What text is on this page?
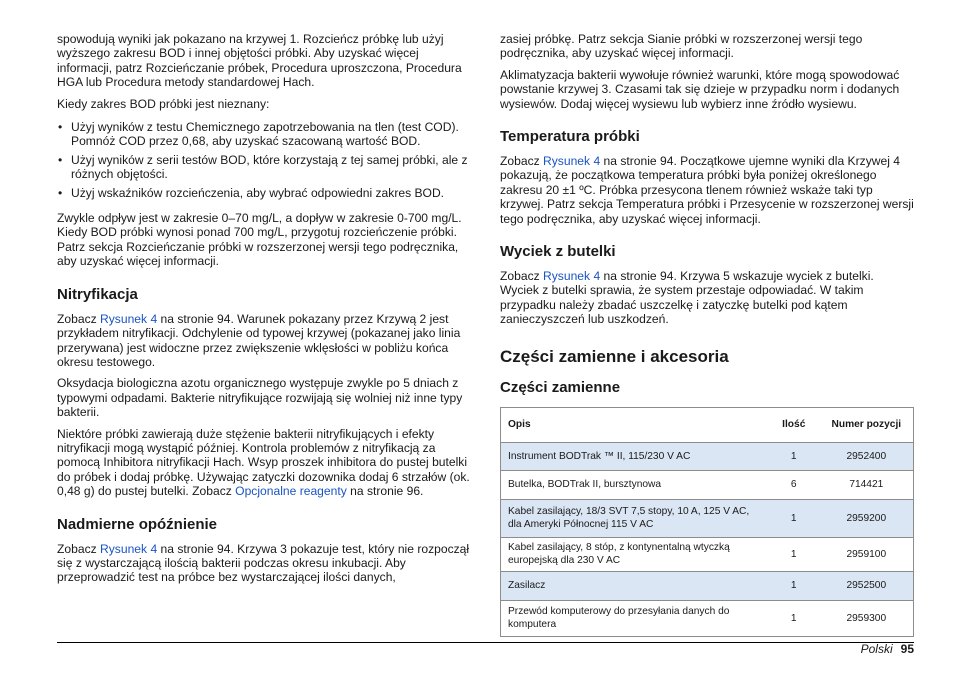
spowodują wyniki jak pokazano na krzywej 1. Rozcieńcz próbkę lub użyj wyższego zakresu BOD i innej objętości próbki. Aby uzyskać więcej informacji, patrz Rozcieńczanie próbek, Procedura uproszczona, Procedura HGA lub Procedura metody standardowej Hach.

Kiedy zakres BOD próbki jest nieznany:

• Użyj wyników z testu Chemicznego zapotrzebowania na tlen (test COD). Pomnóż COD przez 0,68, aby uzyskać szacowaną wartość BOD.
• Użyj wyników z serii testów BOD, które korzystają z tej samej próbki, ale z różnych objętości.
• Użyj wskaźników rozcieńczenia, aby wybrać odpowiedni zakres BOD.

Zwykle odpływ jest w zakresie 0–70 mg/L, a dopływ w zakresie 0-700 mg/L. Kiedy BOD próbki wynosi ponad 700 mg/L, przygotuj rozcieńczenie próbki. Patrz sekcja Rozcieńczanie próbki w rozszerzonej wersji tego podręcznika, aby uzyskać więcej informacji.

Nitryfikacja

Zobacz Rysunek 4 na stronie 94. Warunek pokazany przez Krzywą 2 jest przykładem nitryfikacji. Odchylenie od typowej krzywej (pokazanej jako linia przerywana) jest widoczne przez zwiększenie wklęsłości w pobliżu końca okresu testowego.

Oksydacja biologiczna azotu organicznego występuje zwykle po 5 dniach z typowymi odpadami. Bakterie nitryfikujące rozwijają się wolniej niż inne typy bakterii.

Niektóre próbki zawierają duże stężenie bakterii nitryfikujących i efekty nitryfikacji mogą wystąpić później. Kontrola problemów z nitryfikacją za pomocą Inhibitora nitryfikacji Hach. Wsyp proszek inhibitora do pustej butelki do próbek i dodaj próbkę. Używając zatyczki dozownika dodaj 6 strzałów (ok. 0,48 g) do pustej butelki. Zobacz Opcjonalne reagenty na stronie 96.

Nadmierne opóźnienie

Zobacz Rysunek 4 na stronie 94. Krzywa 3 pokazuje test, który nie rozpoczął się z wystarczającą ilością bakterii podczas okresu inkubacji. Aby przeprowadzić test na próbce bez wystarczającej ilości danych,

zasiej próbkę. Patrz sekcja Sianie próbki w rozszerzonej wersji tego podręcznika, aby uzyskać więcej informacji.

Aklimatyzacja bakterii wywołuje również warunki, które mogą spowodować powstanie krzywej 3. Czasami tak się dzieje w przypadku norm i dodanych wysiewów. Dodaj więcej wysiewu lub wybierz inne źródło wysiewu.

Temperatura próbki

Zobacz Rysunek 4 na stronie 94. Początkowe ujemne wyniki dla Krzywej 4 pokazują, że początkowa temperatura próbki była poniżej określonego zakresu 20 ±1 ºC. Próbka przesycona tlenem również wskaże taki typ krzywej. Patrz sekcja Temperatura próbki i Przesycenie w rozszerzonej wersji tego podręcznika, aby uzyskać więcej informacji.

Wyciek z butelki

Zobacz Rysunek 4 na stronie 94. Krzywa 5 wskazuje wyciek z butelki. Wyciek z butelki sprawia, że system przestaje odpowiadać. W takim przypadku należy zbadać uszczelkę i zatyczkę butelki pod kątem zanieczyszczeń lub uszkodzeń.

Części zamienne i akcesoria
Części zamienne
Opis	Ilość	Numer pozycji
Instrument BODTrak ™ II, 115/230 V AC	1	2952400
Butelka, BODTrak II, bursztynowa	6	714421
Kabel zasilający, 18/3 SVT 7,5 stopy, 10 A, 125 V AC, dla Ameryki Północnej 115 V AC	1	2959200
Kabel zasilający, 8 stóp, z kontynentalną wtyczką europejską dla 230 V AC	1	2959100
Zasilacz	1	2952500
Przewód komputerowy do przesyłania danych do komputera	1	2959300
Polski 95
